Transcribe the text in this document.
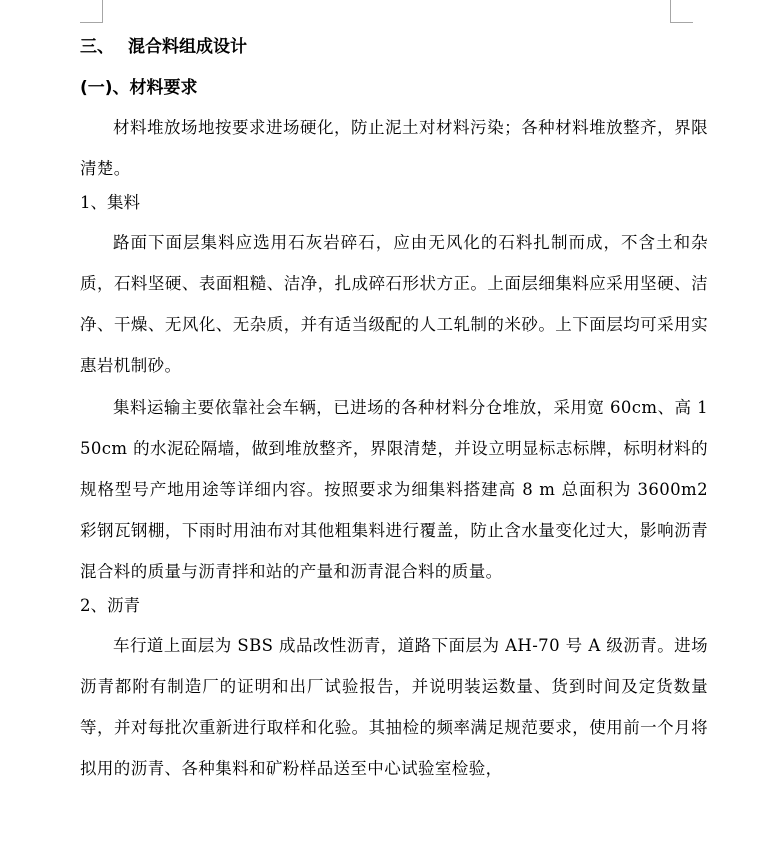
三、 混合料组成设计
(一)、材料要求

材料堆放场地按要求进场硬化，防止泥土对材料污染；各种材料堆放整齐，界限清楚。

1、集料

路面下面层集料应选用石灰岩碎石，应由无风化的石料扎制而成，不含土和杂质，石料坚硬、表面粗糙、洁净，扎成碎石形状方正。上面层细集料应采用坚硬、洁净、干燥、无风化、无杂质，并有适当级配的人工轧制的米砂。上下面层均可采用实惠岩机制砂。

集料运输主要依靠社会车辆，已进场的各种材料分仓堆放，采用宽 60cm、高 150cm 的水泥砼隔墙，做到堆放整齐，界限清楚，并设立明显标志标牌，标明材料的规格型号产地用途等详细内容。按照要求为细集料搭建高 8 m 总面积为 3600m2 彩钢瓦钢棚，下雨时用油布对其他粗集料进行覆盖，防止含水量变化过大，影响沥青混合料的质量与沥青拌和站的产量和沥青混合料的质量。

2、沥青

车行道上面层为 SBS 成品改性沥青，道路下面层为 AH-70 号 A 级沥青。进场沥青都附有制造厂的证明和出厂试验报告，并说明装运数量、货到时间及定货数量等，并对每批次重新进行取样和化验。其抽检的频率满足规范要求，使用前一个月将拟用的沥青、各种集料和矿粉样品送至中心试验室检验，
